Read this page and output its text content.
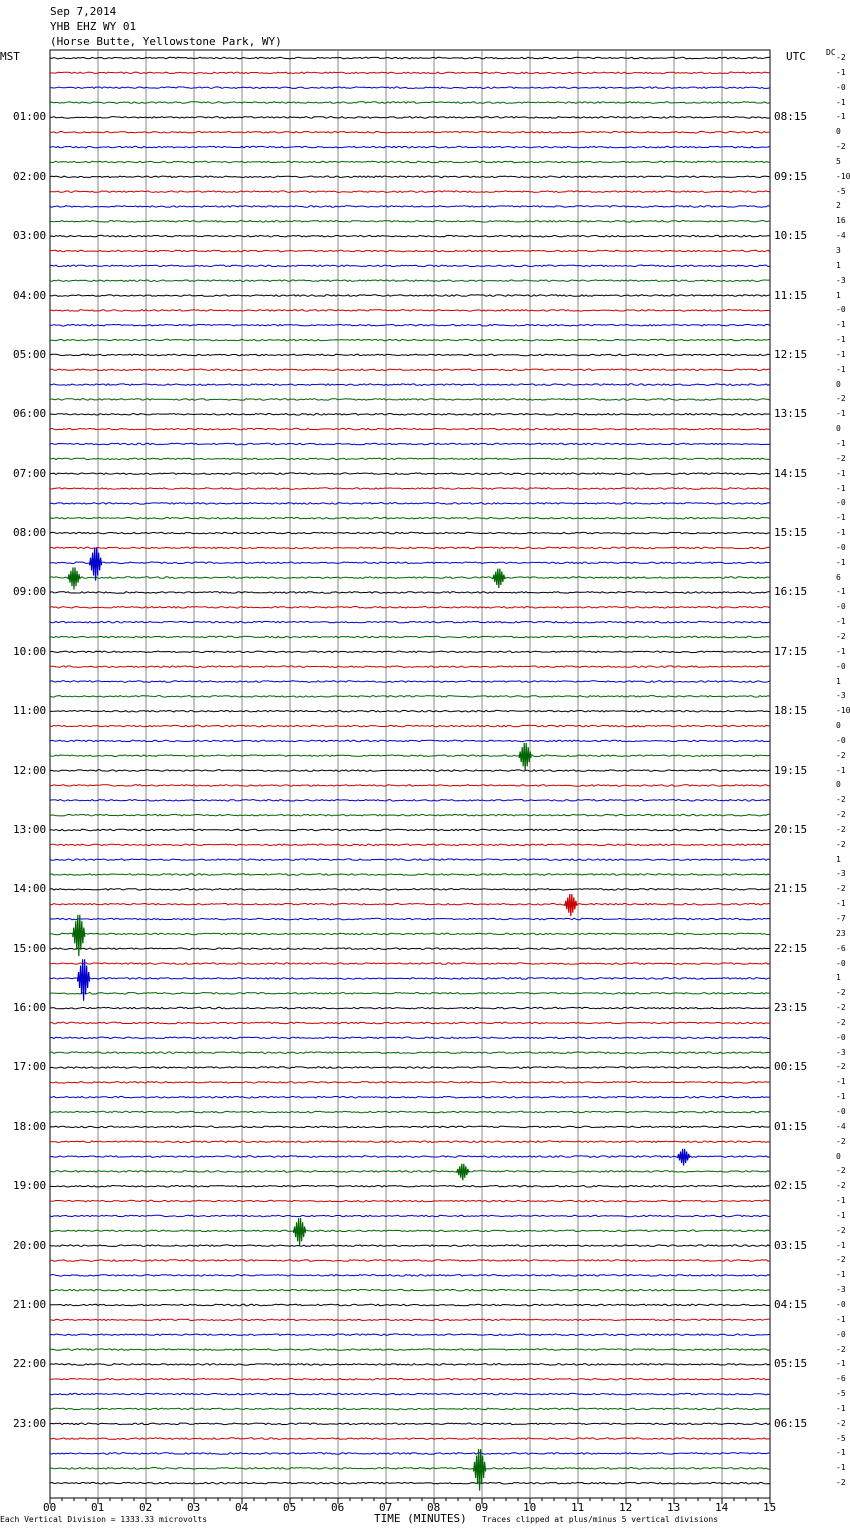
Sep 7,2014
YHB EHZ WY 01
(Horse Butte, Yellowstone Park, WY)
MST	UTC	DC
-2
-1
-0
-1
-1
0
-2
5
-10
-5
2
16
-4
3
1
-3
1
-0
-1
-1
-1
-1
0
-2
-1
0
-1
-2
-1
-1
-0
-1
-1
-0
-1
6
-1
-0
-1
-2
-1
-0
1
-3
-10
0
-0
-2
-1
0
-2
-2
-2
-2
1
-3
-2
-1
-7
23
-6
-0
1
-2
-2
-2
-0
-3
-2
-1
-1
-0
-4
-2
0
-2
-2
-1
-1
-2
-1
-2
-1
-3
-0
-1
-0
-2
-1
-6
-5
-1
-2
-5
-1
-1
-2
01:00	08:15
02:00	09:15
03:00	10:15
04:00	11:15
05:00	12:15
06:00	13:15
07:00	14:15
08:00	15:15
09:00	16:15
10:00	17:15
11:00	18:15
12:00	19:15
13:00	20:15
14:00	21:15
15:00	22:15
16:00	23:15
17:00	00:15
18:00	01:15
19:00	02:15
20:00	03:15
21:00	04:15
22:00	05:15
23:00	06:15
00	01	02	03	04	05	06	07	08	09	10	11	12	13	14	15
Each Vertical Division = 1333.33 microvolts	TIME (MINUTES) Traces clipped at plus/minus 5 vertical divisions
